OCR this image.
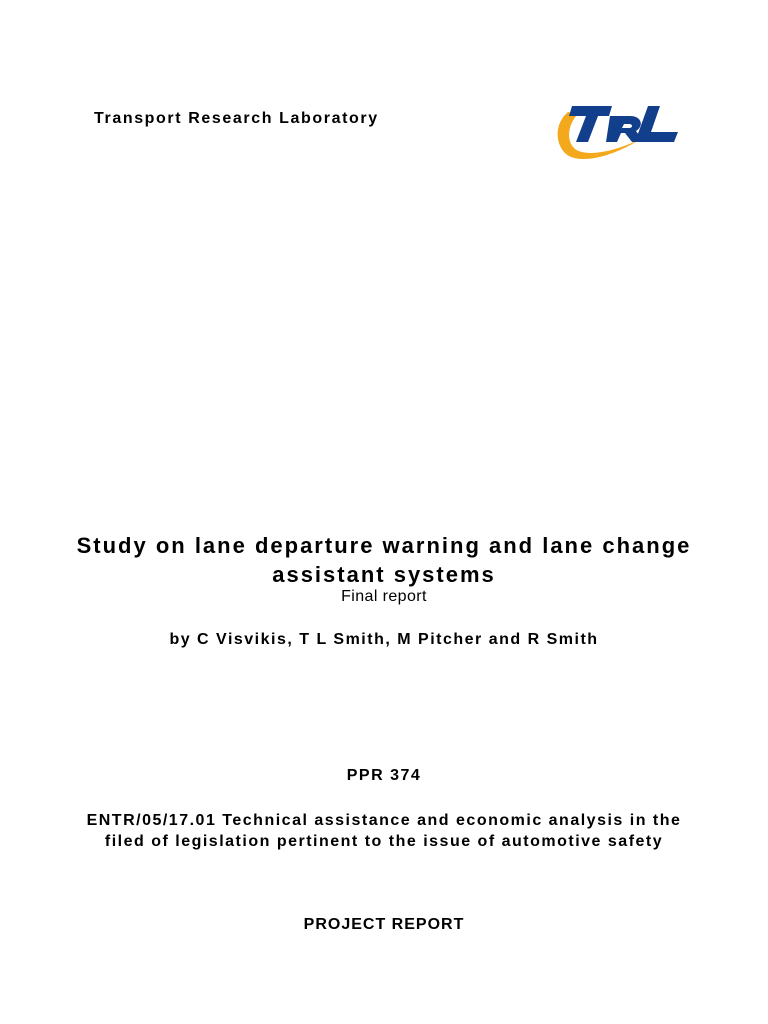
Transport Research Laboratory
Study on lane departure warning and lane change assistant systems
Final report
by C Visvikis, T L Smith, M Pitcher and R Smith
PPR 374
ENTR/05/17.01 Technical assistance and economic analysis in the filed of legislation pertinent to the issue of automotive safety
PROJECT REPORT
